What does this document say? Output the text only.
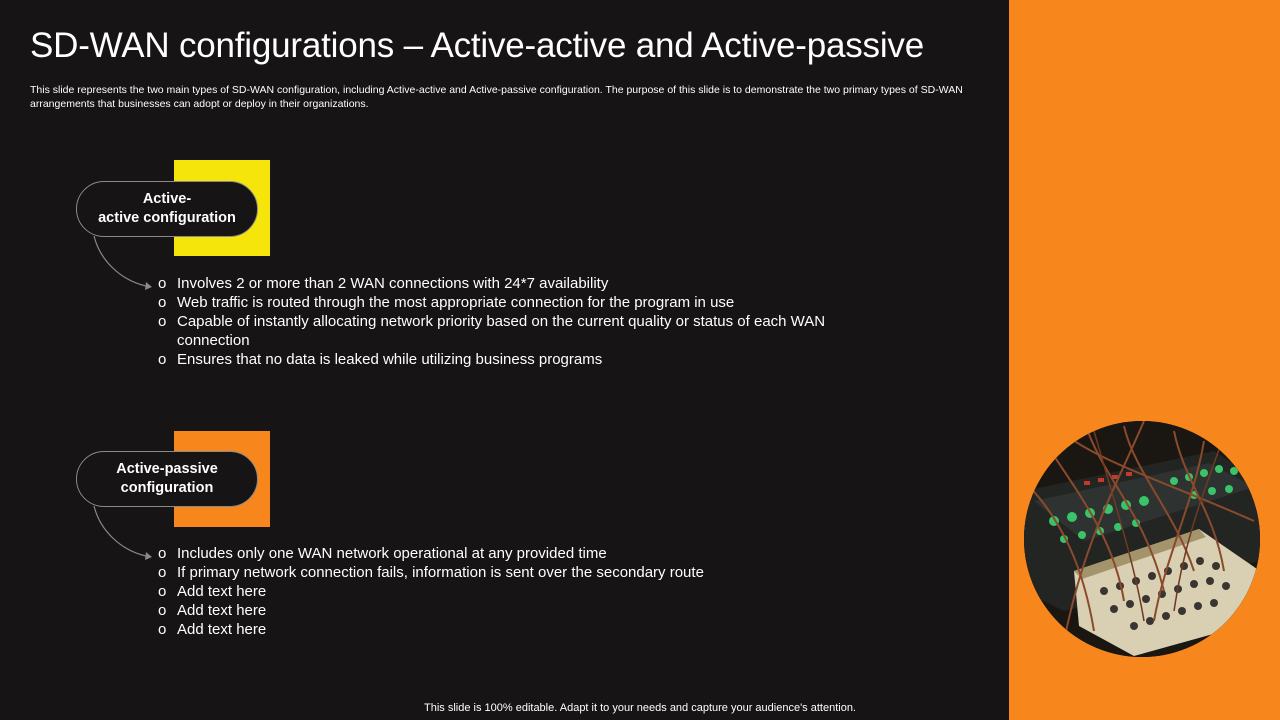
SD-WAN configurations – Active-active and Active-passive
This slide represents the two main types of SD-WAN configuration, including Active-active and Active-passive configuration. The purpose of this slide is to demonstrate the two primary types of SD-WAN arrangements that businesses can adopt or deploy in their organizations.
Active-
active configuration
o Involves 2 or more than 2 WAN connections with 24*7 availability
o Web traffic is routed through the most appropriate connection for the program in use
o Capable of instantly allocating network priority based on the current quality or status of each WAN connection
o Ensures that no data is leaked while utilizing business programs
Active-passive
configuration
o Includes only one WAN network operational at any provided time
o If primary network connection fails, information is sent over the secondary route
o Add text here
o Add text here
o Add text here
This slide is 100% editable. Adapt it to your needs and capture your audience's attention.
